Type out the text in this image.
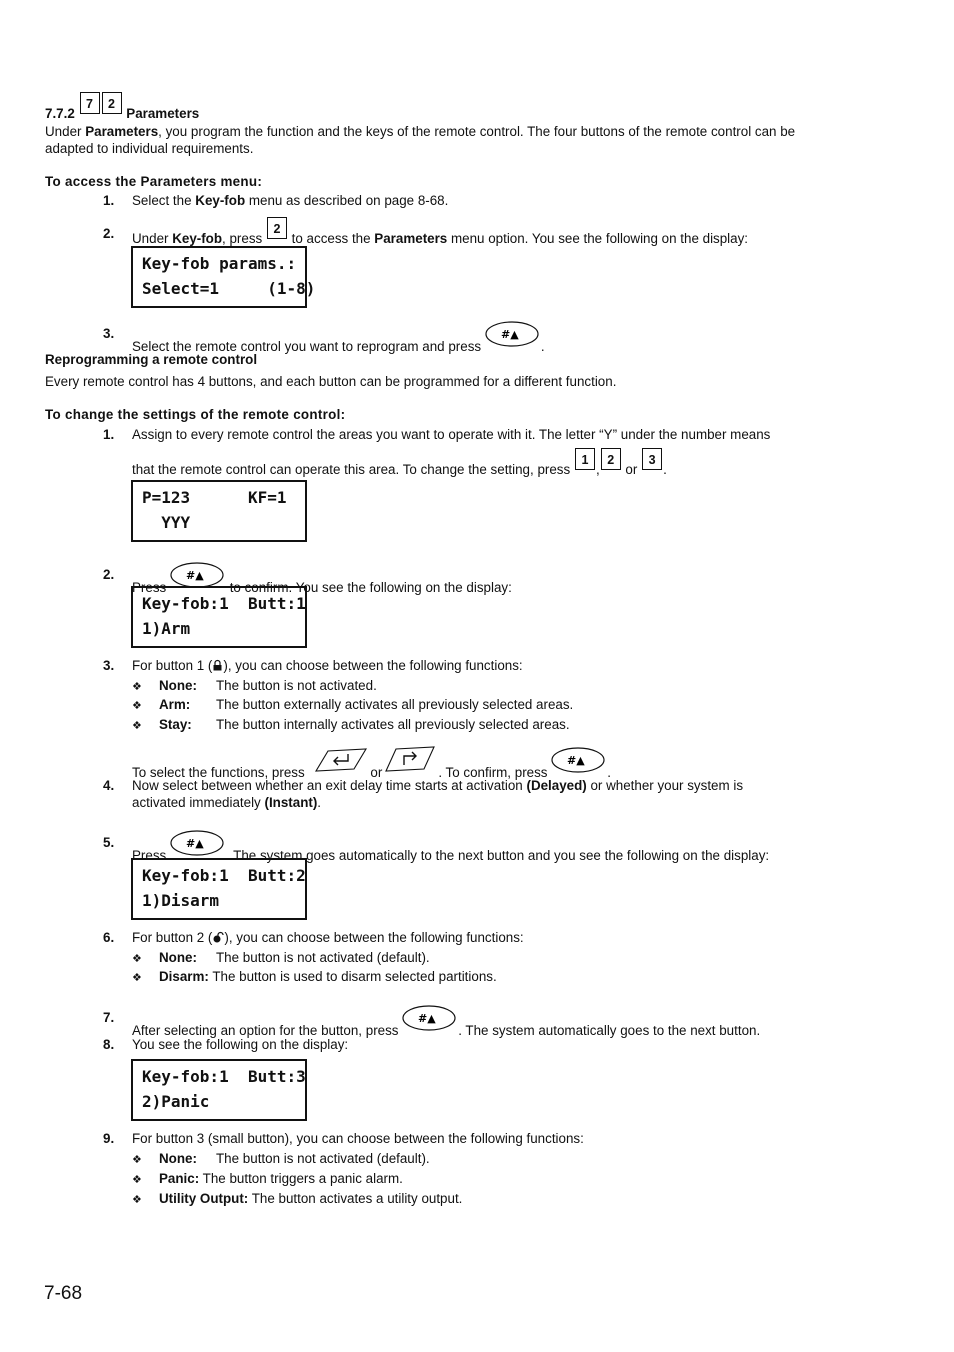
7.7.2 7 2 Parameters
Under Parameters, you program the function and the keys of the remote control. The four buttons of the remote control can be
adapted to individual requirements.
To access the Parameters menu:
1. Select the Key-fob menu as described on page 8-68.
2. Under Key-fob, press 2 to access the Parameters menu option. You see the following on the display:
Key-fob params.:
Select=1     (1-8)
3.
Select the remote control you want to reprogram and press
#▲
.
Reprogramming a remote control
Every remote control has 4 buttons, and each button can be programmed for a different function.
To change the settings of the remote control:
1. Assign to every remote control the areas you want to operate with it. The letter “Y” under the number means
that the remote control can operate this area. To change the setting, press 1,2 or 3.
P=123      KF=1
YYY
2.
Press
#▲
to confirm. You see the following on the display:
Key-fob:1  Butt:1
1)Arm
3. For button 1 ( ), you can choose between the following functions:
❖ None: The button is not activated.
❖ Arm: The button externally activates all previously selected areas.
❖ Stay: The button internally activates all previously selected areas.
To select the functions, press	or	. To confirm, press
#▲
.
4. Now select between whether an exit delay time starts at activation (Delayed) or whether your system is
activated immediately (Instant).
5.
Press
#▲
. The system goes automatically to the next button and you see the following on the display:
Key-fob:1  Butt:2
1)Disarm
6. For button 2 ( ), you can choose between the following functions:
❖ None: The button is not activated (default).
❖ Disarm: The button is used to disarm selected partitions.
7.
After selecting an option for the button, press
#▲
. The system automatically goes to the next button.
8. You see the following on the display:
Key-fob:1  Butt:3
2)Panic
9. For button 3 (small button), you can choose between the following functions:
❖ None: The button is not activated (default).
❖ Panic: The button triggers a panic alarm.
❖ Utility Output: The button activates a utility output.
7-68
